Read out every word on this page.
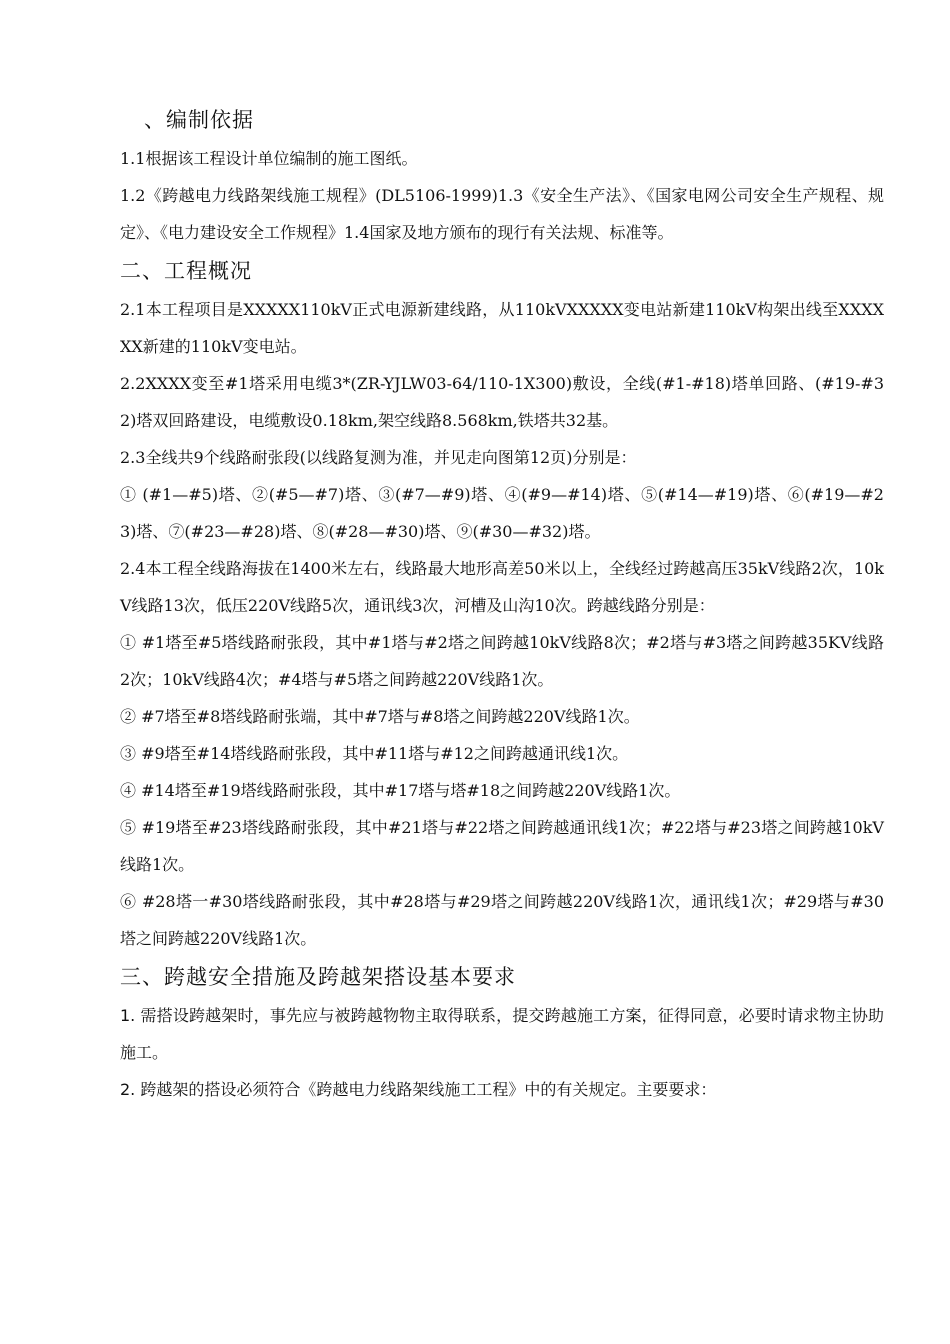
、编制依据

1.1根据该工程设计单位编制的施工图纸。

1.2《跨越电力线路架线施工规程》(DL5106-1999)1.3《安全生产法》、《国家电网公司安全生产规程、规定》、《电力建设安全工作规程》1.4国家及地方颁布的现行有关法规、标准等。

二、工程概况

2.1本工程项目是XXXXX110kV正式电源新建线路，从110kVXXXXX变电站新建110kV构架出线至XXXXXX新建的110kV变电站。

2.2XXXX变至#1塔采用电缆3*(ZR-YJLW03-64/110-1X300)敷设，全线(#1-#18)塔单回路、(#19-#32)塔双回路建设，电缆敷设0.18km,架空线路8.568km,铁塔共32基。

2.3全线共9个线路耐张段(以线路复测为准，并见走向图第12页)分别是：

① (#1—#5)塔、②(#5—#7)塔、③(#7—#9)塔、④(#9—#14)塔、⑤(#14—#19)塔、⑥(#19—#23)塔、⑦(#23—#28)塔、⑧(#28—#30)塔、⑨(#30—#32)塔。

2.4本工程全线路海拔在1400米左右，线路最大地形高差50米以上，全线经过跨越高压35kV线路2次，10kV线路13次，低压220V线路5次，通讯线3次，河槽及山沟10次。跨越线路分别是：

① #1塔至#5塔线路耐张段，其中#1塔与#2塔之间跨越10kV线路8次；#2塔与#3塔之间跨越35KV线路2次；10kV线路4次；#4塔与#5塔之间跨越220V线路1次。

② #7塔至#8塔线路耐张端，其中#7塔与#8塔之间跨越220V线路1次。

③ #9塔至#14塔线路耐张段，其中#11塔与#12之间跨越通讯线1次。

④ #14塔至#19塔线路耐张段，其中#17塔与塔#18之间跨越220V线路1次。

⑤ #19塔至#23塔线路耐张段，其中#21塔与#22塔之间跨越通讯线1次；#22塔与#23塔之间跨越10kV线路1次。

⑥ #28塔一#30塔线路耐张段，其中#28塔与#29塔之间跨越220V线路1次，通讯线1次；#29塔与#30塔之间跨越220V线路1次。

三、跨越安全措施及跨越架搭设基本要求

1. 需搭设跨越架时，事先应与被跨越物物主取得联系，提交跨越施工方案，征得同意，必要时请求物主协助施工。

2. 跨越架的搭设必须符合《跨越电力线路架线施工工程》中的有关规定。主要要求：
